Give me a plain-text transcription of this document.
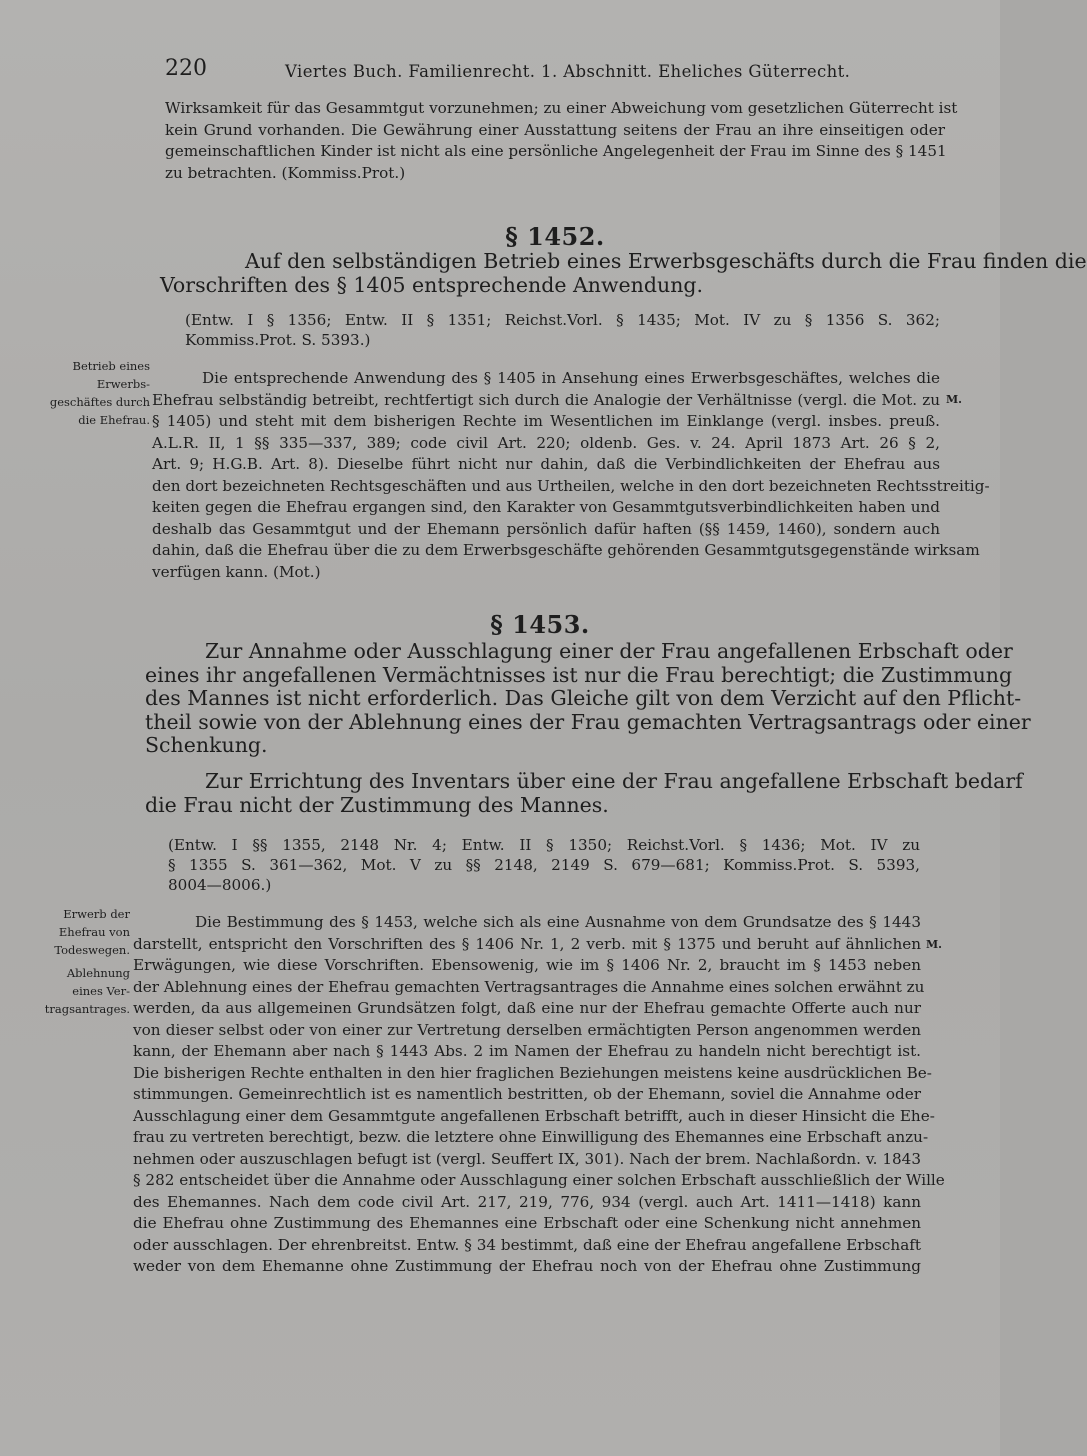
220	Viertes Buch. Familienrecht. 1. Abschnitt. Eheliches Güterrecht.
Wirksamkeit für das Gesammtgut vorzunehmen; zu einer Abweichung vom gesetzlichen Güterrecht ist
kein Grund vorhanden. Die Gewährung einer Ausstattung seitens der Frau an ihre einseitigen oder
gemeinschaftlichen Kinder ist nicht als eine persönliche Angelegenheit der Frau im Sinne des § 1451
zu betrachten. (Kommiss.Prot.)
§ 1452.
Auf den selbständigen Betrieb eines Erwerbsgeschäfts durch die Frau finden die
Vorschriften des § 1405 entsprechende Anwendung.
(Entw. I § 1356; Entw. II § 1351; Reichst.Vorl. § 1435; Mot. IV zu § 1356 S. 362;
Kommiss.Prot. S. 5393.)
Betrieb eines
Erwerbs-
geschäftes durch
die Ehefrau.
M.
Die entsprechende Anwendung des § 1405 in Ansehung eines Erwerbsgeschäftes, welches die
Ehefrau selbständig betreibt, rechtfertigt sich durch die Analogie der Verhältnisse (vergl. die Mot. zu
§ 1405) und steht mit dem bisherigen Rechte im Wesentlichen im Einklange (vergl. insbes. preuß.
A.L.R. II, 1 §§ 335—337, 389; code civil Art. 220; oldenb. Ges. v. 24. April 1873 Art. 26 § 2,
Art. 9; H.G.B. Art. 8). Dieselbe führt nicht nur dahin, daß die Verbindlichkeiten der Ehefrau aus
den dort bezeichneten Rechtsgeschäften und aus Urtheilen, welche in den dort bezeichneten Rechtsstreitig-
keiten gegen die Ehefrau ergangen sind, den Karakter von Gesammtgutsverbindlichkeiten haben und
deshalb das Gesammtgut und der Ehemann persönlich dafür haften (§§ 1459, 1460), sondern auch
dahin, daß die Ehefrau über die zu dem Erwerbsgeschäfte gehörenden Gesammtgutsgegenstände wirksam
verfügen kann. (Mot.)
§ 1453.
Zur Annahme oder Ausschlagung einer der Frau angefallenen Erbschaft oder
eines ihr angefallenen Vermächtnisses ist nur die Frau berechtigt; die Zustimmung
des Mannes ist nicht erforderlich. Das Gleiche gilt von dem Verzicht auf den Pflicht-
theil sowie von der Ablehnung eines der Frau gemachten Vertragsantrags oder einer
Schenkung.
Zur Errichtung des Inventars über eine der Frau angefallene Erbschaft bedarf
die Frau nicht der Zustimmung des Mannes.
(Entw. I §§ 1355, 2148 Nr. 4; Entw. II § 1350; Reichst.Vorl. § 1436; Mot. IV zu
§ 1355 S. 361—362, Mot. V zu §§ 2148, 2149 S. 679—681; Kommiss.Prot. S. 5393,
8004—8006.)
Erwerb der
Ehefrau von
Todeswegen.
Ablehnung
eines Ver-
tragsantrages.
M.
Die Bestimmung des § 1453, welche sich als eine Ausnahme von dem Grundsatze des § 1443
darstellt, entspricht den Vorschriften des § 1406 Nr. 1, 2 verb. mit § 1375 und beruht auf ähnlichen
Erwägungen, wie diese Vorschriften. Ebensowenig, wie im § 1406 Nr. 2, braucht im § 1453 neben
der Ablehnung eines der Ehefrau gemachten Vertragsantrages die Annahme eines solchen erwähnt zu
werden, da aus allgemeinen Grundsätzen folgt, daß eine nur der Ehefrau gemachte Offerte auch nur
von dieser selbst oder von einer zur Vertretung derselben ermächtigten Person angenommen werden
kann, der Ehemann aber nach § 1443 Abs. 2 im Namen der Ehefrau zu handeln nicht berechtigt ist.
Die bisherigen Rechte enthalten in den hier fraglichen Beziehungen meistens keine ausdrücklichen Be-
stimmungen. Gemeinrechtlich ist es namentlich bestritten, ob der Ehemann, soviel die Annahme oder
Ausschlagung einer dem Gesammtgute angefallenen Erbschaft betrifft, auch in dieser Hinsicht die Ehe-
frau zu vertreten berechtigt, bezw. die letztere ohne Einwilligung des Ehemannes eine Erbschaft anzu-
nehmen oder auszuschlagen befugt ist (vergl. Seuffert IX, 301). Nach der brem. Nachlaßordn. v. 1843
§ 282 entscheidet über die Annahme oder Ausschlagung einer solchen Erbschaft ausschließlich der Wille
des Ehemannes. Nach dem code civil Art. 217, 219, 776, 934 (vergl. auch Art. 1411—1418) kann
die Ehefrau ohne Zustimmung des Ehemannes eine Erbschaft oder eine Schenkung nicht annehmen
oder ausschlagen. Der ehrenbreitst. Entw. § 34 bestimmt, daß eine der Ehefrau angefallene Erbschaft
weder von dem Ehemanne ohne Zustimmung der Ehefrau noch von der Ehefrau ohne Zustimmung
